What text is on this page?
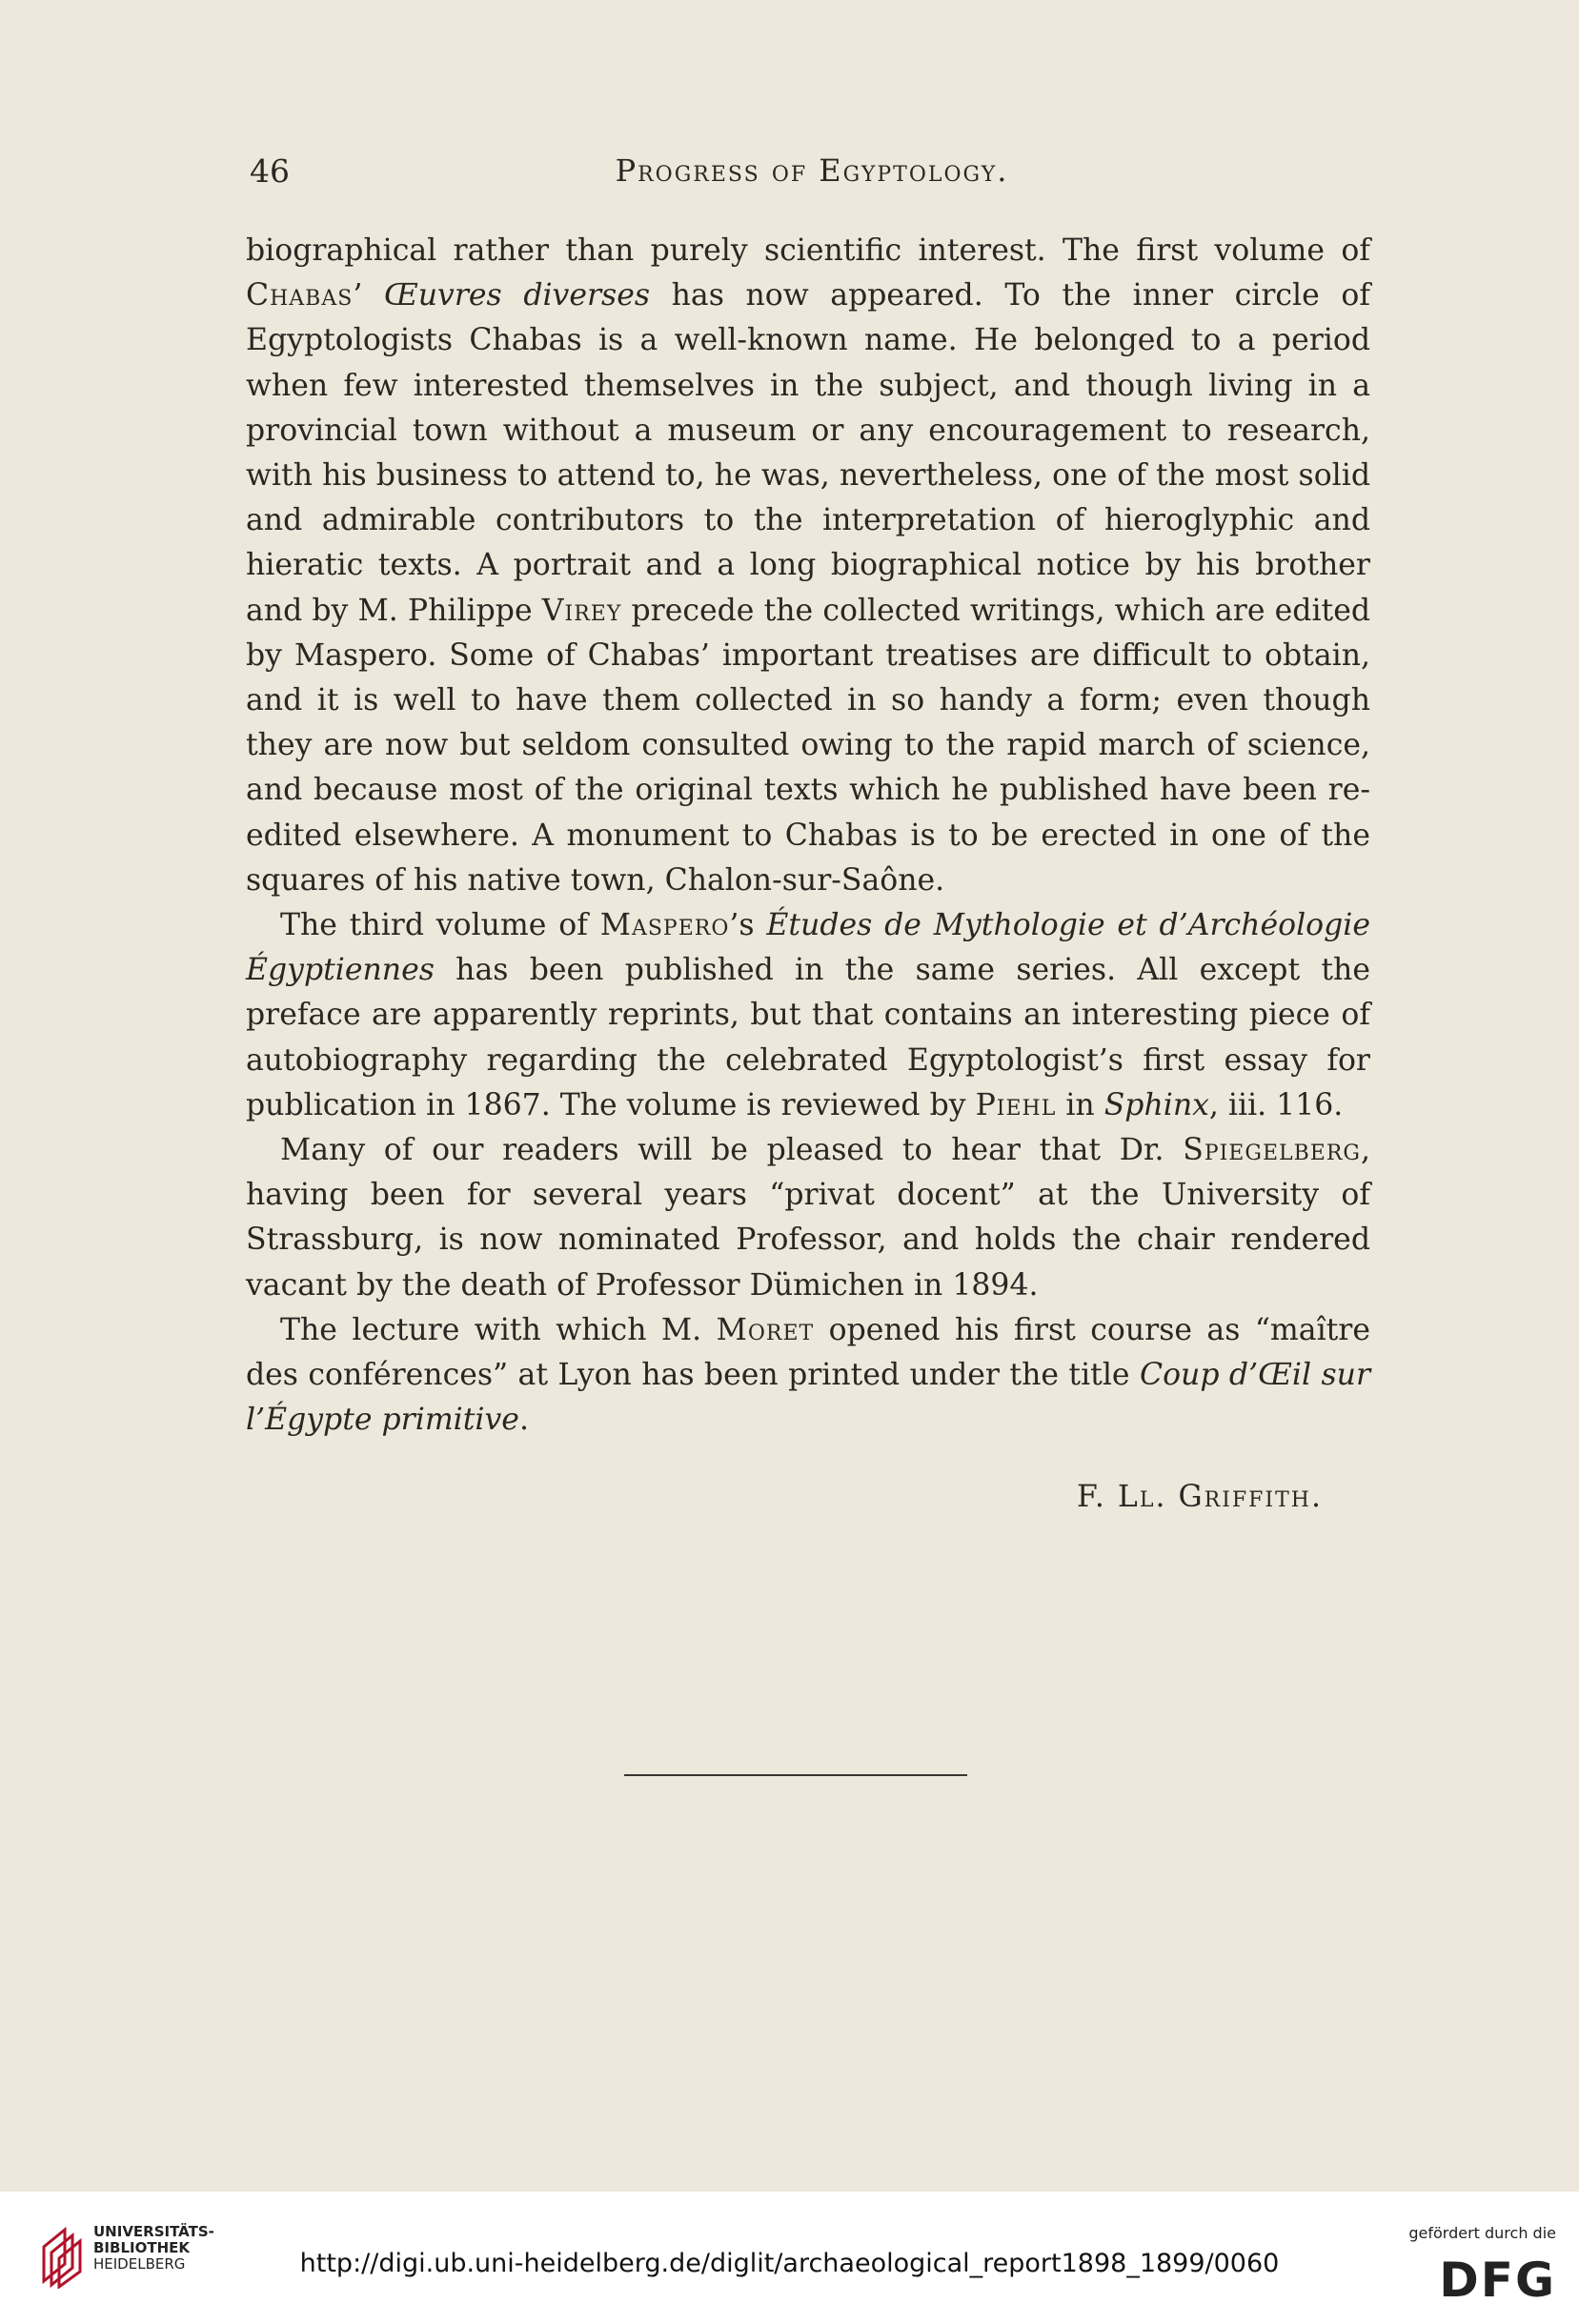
46	Progress of Egyptology.

biographical rather than purely scientific interest. The first volume of Chabas’ Œuvres diverses has now appeared. To the inner circle of Egyptologists Chabas is a well-known name. He belonged to a period when few interested themselves in the subject, and though living in a provincial town without a museum or any encouragement to research, with his business to attend to, he was, nevertheless, one of the most solid and admirable contributors to the interpretation of hieroglyphic and hieratic texts. A portrait and a long biographical notice by his brother and by M. Philippe Virey precede the collected writings, which are edited by Maspero. Some of Chabas’ important treatises are difficult to obtain, and it is well to have them collected in so handy a form; even though they are now but seldom consulted owing to the rapid march of science, and because most of the original texts which he published have been re-edited elsewhere. A monument to Chabas is to be erected in one of the squares of his native town, Chalon-sur-Saône.

The third volume of Maspero’s Études de Mythologie et d’Archéologie Égyptiennes has been published in the same series. All except the preface are apparently reprints, but that contains an interesting piece of autobiography regarding the celebrated Egyptologist’s first essay for publication in 1867. The volume is reviewed by Piehl in Sphinx, iii. 116.

Many of our readers will be pleased to hear that Dr. Spiegelberg, having been for several years “privat docent” at the University of Strassburg, is now nominated Professor, and holds the chair rendered vacant by the death of Professor Dümichen in 1894.

The lecture with which M. Moret opened his first course as “maître des conférences” at Lyon has been printed under the title Coup d’Œil sur l’Égypte primitive.

F. Ll. Griffith.
UNIVERSITÄTS-
BIBLIOTHEK
HEIDELBERG	http://digi.ub.uni-heidelberg.de/diglit/archaeological_report1898_1899/0060
gefördert durch die
DFG
